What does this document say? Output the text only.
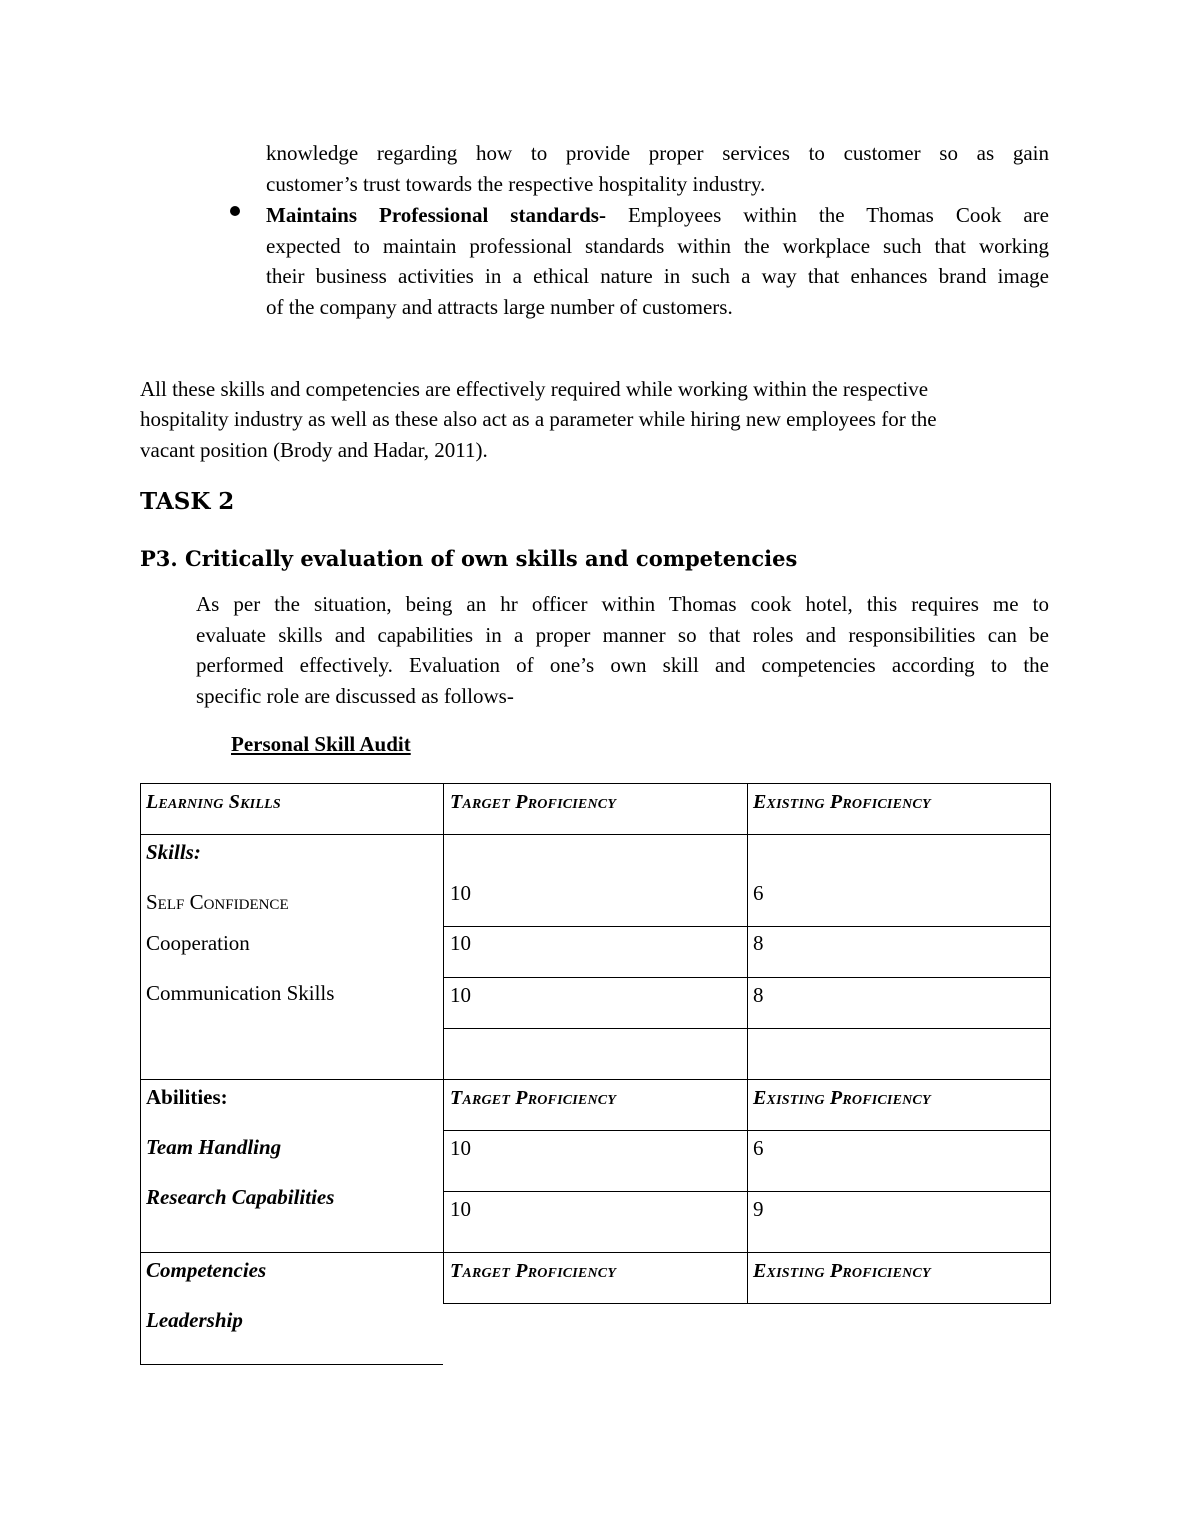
knowledge regarding how to provide proper services to customer so as gain
customer’s trust towards the respective hospitality industry.
Maintains Professional standards- Employees within the Thomas Cook are
expected to maintain professional standards within the workplace such that working
their business activities in a ethical nature in such a way that enhances brand image
of the company and attracts large number of customers.
All these skills and competencies are effectively required while working within the respective
hospitality industry as well as these also act as a parameter while hiring new employees for the
vacant position (Brody and Hadar, 2011).
TASK 2
P3. Critically evaluation of own skills and competencies
As per the situation, being an hr officer within Thomas cook hotel, this requires me to
evaluate skills and capabilities in a proper manner so that roles and responsibilities can be
performed effectively. Evaluation of one’s own skill and competencies according to the
specific role are discussed as follows-
Personal Skill Audit
Learning Skills	Target Proficiency	Existing Proficiency
Skills:
Self Confidence	10	6
Cooperation	10	8
Communication Skills	10	8
Abilities:	Target Proficiency	Existing Proficiency
Team Handling	10	6
Research Capabilities	10	9
Competencies	Target Proficiency	Existing Proficiency
Leadership
